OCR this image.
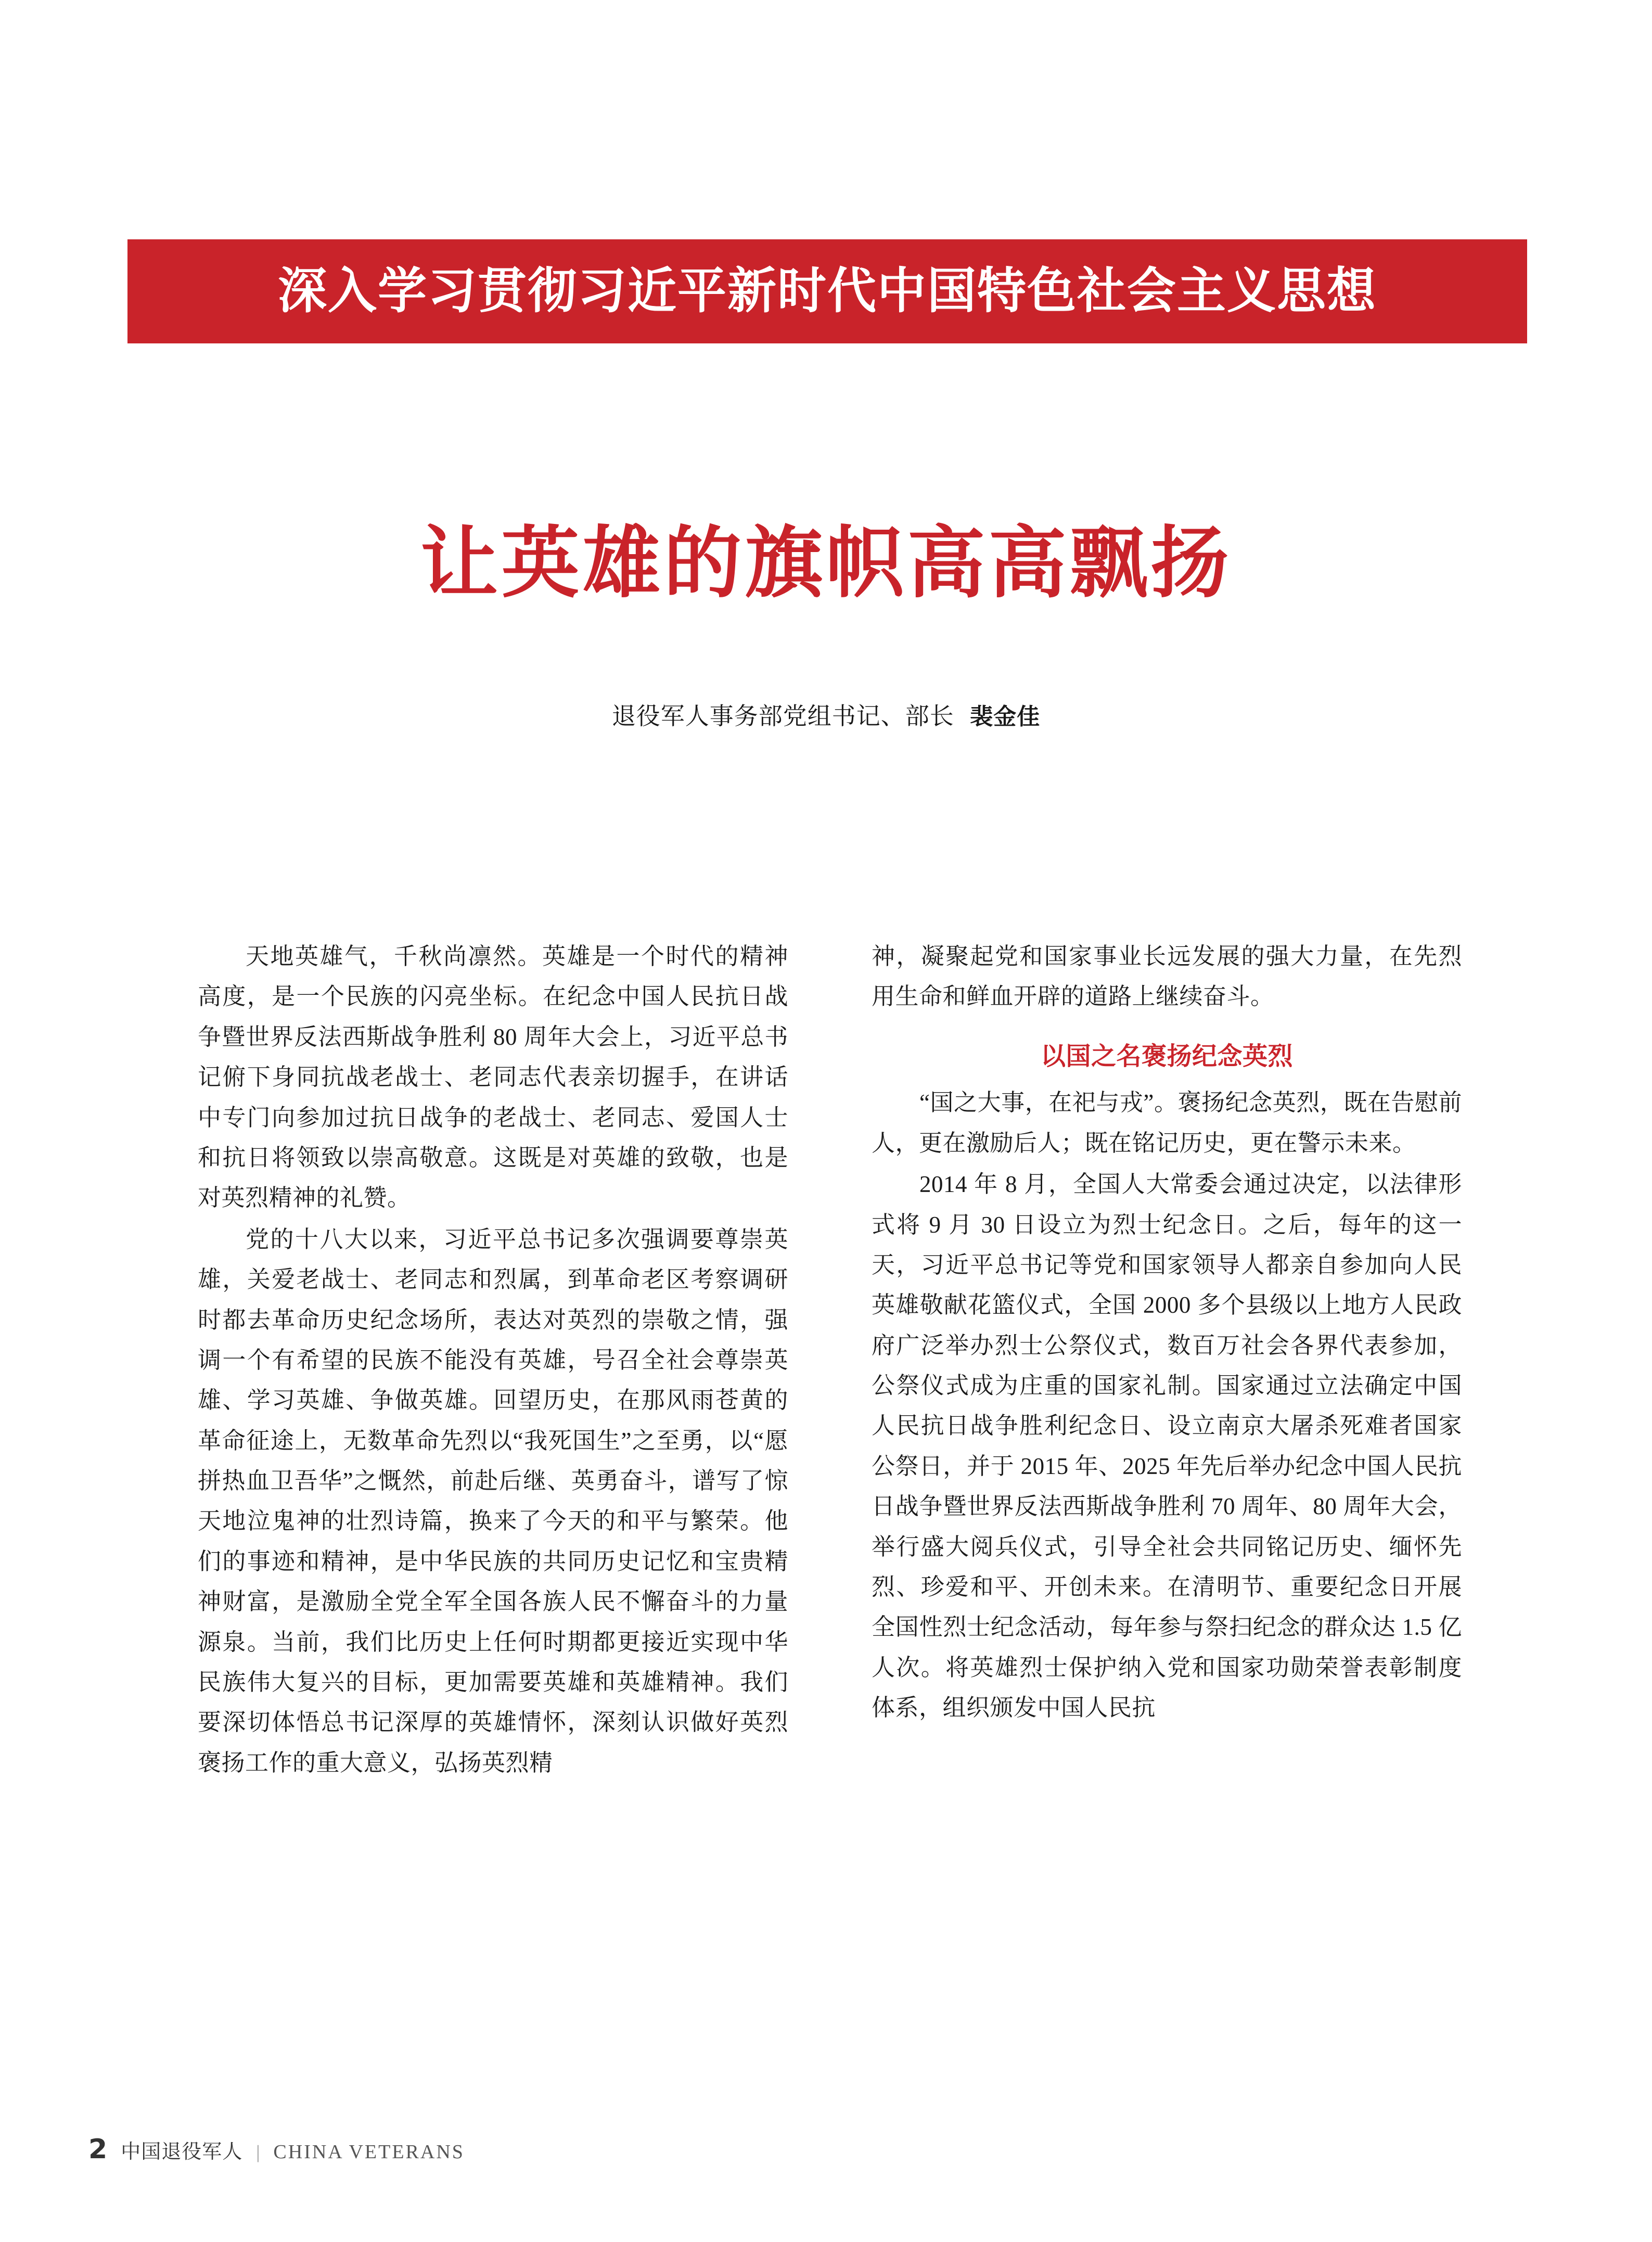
深入学习贯彻习近平新时代中国特色社会主义思想
让英雄的旗帜高高飘扬
退役军人事务部党组书记、部长 裴金佳

天地英雄气，千秋尚凛然。英雄是一个时代的精神高度，是一个民族的闪亮坐标。在纪念中国人民抗日战争暨世界反法西斯战争胜利 80 周年大会上，习近平总书记俯下身同抗战老战士、老同志代表亲切握手，在讲话中专门向参加过抗日战争的老战士、老同志、爱国人士和抗日将领致以崇高敬意。这既是对英雄的致敬，也是对英烈精神的礼赞。

党的十八大以来，习近平总书记多次强调要尊崇英雄，关爱老战士、老同志和烈属，到革命老区考察调研时都去革命历史纪念场所，表达对英烈的崇敬之情，强调一个有希望的民族不能没有英雄，号召全社会尊崇英雄、学习英雄、争做英雄。回望历史，在那风雨苍黄的革命征途上，无数革命先烈以“我死国生”之至勇，以“愿拼热血卫吾华”之慨然，前赴后继、英勇奋斗，谱写了惊天地泣鬼神的壮烈诗篇，换来了今天的和平与繁荣。他们的事迹和精神，是中华民族的共同历史记忆和宝贵精神财富，是激励全党全军全国各族人民不懈奋斗的力量源泉。当前，我们比历史上任何时期都更接近实现中华民族伟大复兴的目标，更加需要英雄和英雄精神。我们要深切体悟总书记深厚的英雄情怀，深刻认识做好英烈褒扬工作的重大意义，弘扬英烈精

神，凝聚起党和国家事业长远发展的强大力量，在先烈用生命和鲜血开辟的道路上继续奋斗。

以国之名褒扬纪念英烈

“国之大事，在祀与戎”。褒扬纪念英烈，既在告慰前人，更在激励后人；既在铭记历史，更在警示未来。

2014 年 8 月，全国人大常委会通过决定，以法律形式将 9 月 30 日设立为烈士纪念日。之后，每年的这一天，习近平总书记等党和国家领导人都亲自参加向人民英雄敬献花篮仪式，全国 2000 多个县级以上地方人民政府广泛举办烈士公祭仪式，数百万社会各界代表参加，公祭仪式成为庄重的国家礼制。国家通过立法确定中国人民抗日战争胜利纪念日、设立南京大屠杀死难者国家公祭日，并于 2015 年、2025 年先后举办纪念中国人民抗日战争暨世界反法西斯战争胜利 70 周年、80 周年大会，举行盛大阅兵仪式，引导全社会共同铭记历史、缅怀先烈、珍爱和平、开创未来。在清明节、重要纪念日开展全国性烈士纪念活动，每年参与祭扫纪念的群众达 1.5 亿人次。将英雄烈士保护纳入党和国家功勋荣誉表彰制度体系，组织颁发中国人民抗

2 中国退役军人 | CHINA VETERANS
